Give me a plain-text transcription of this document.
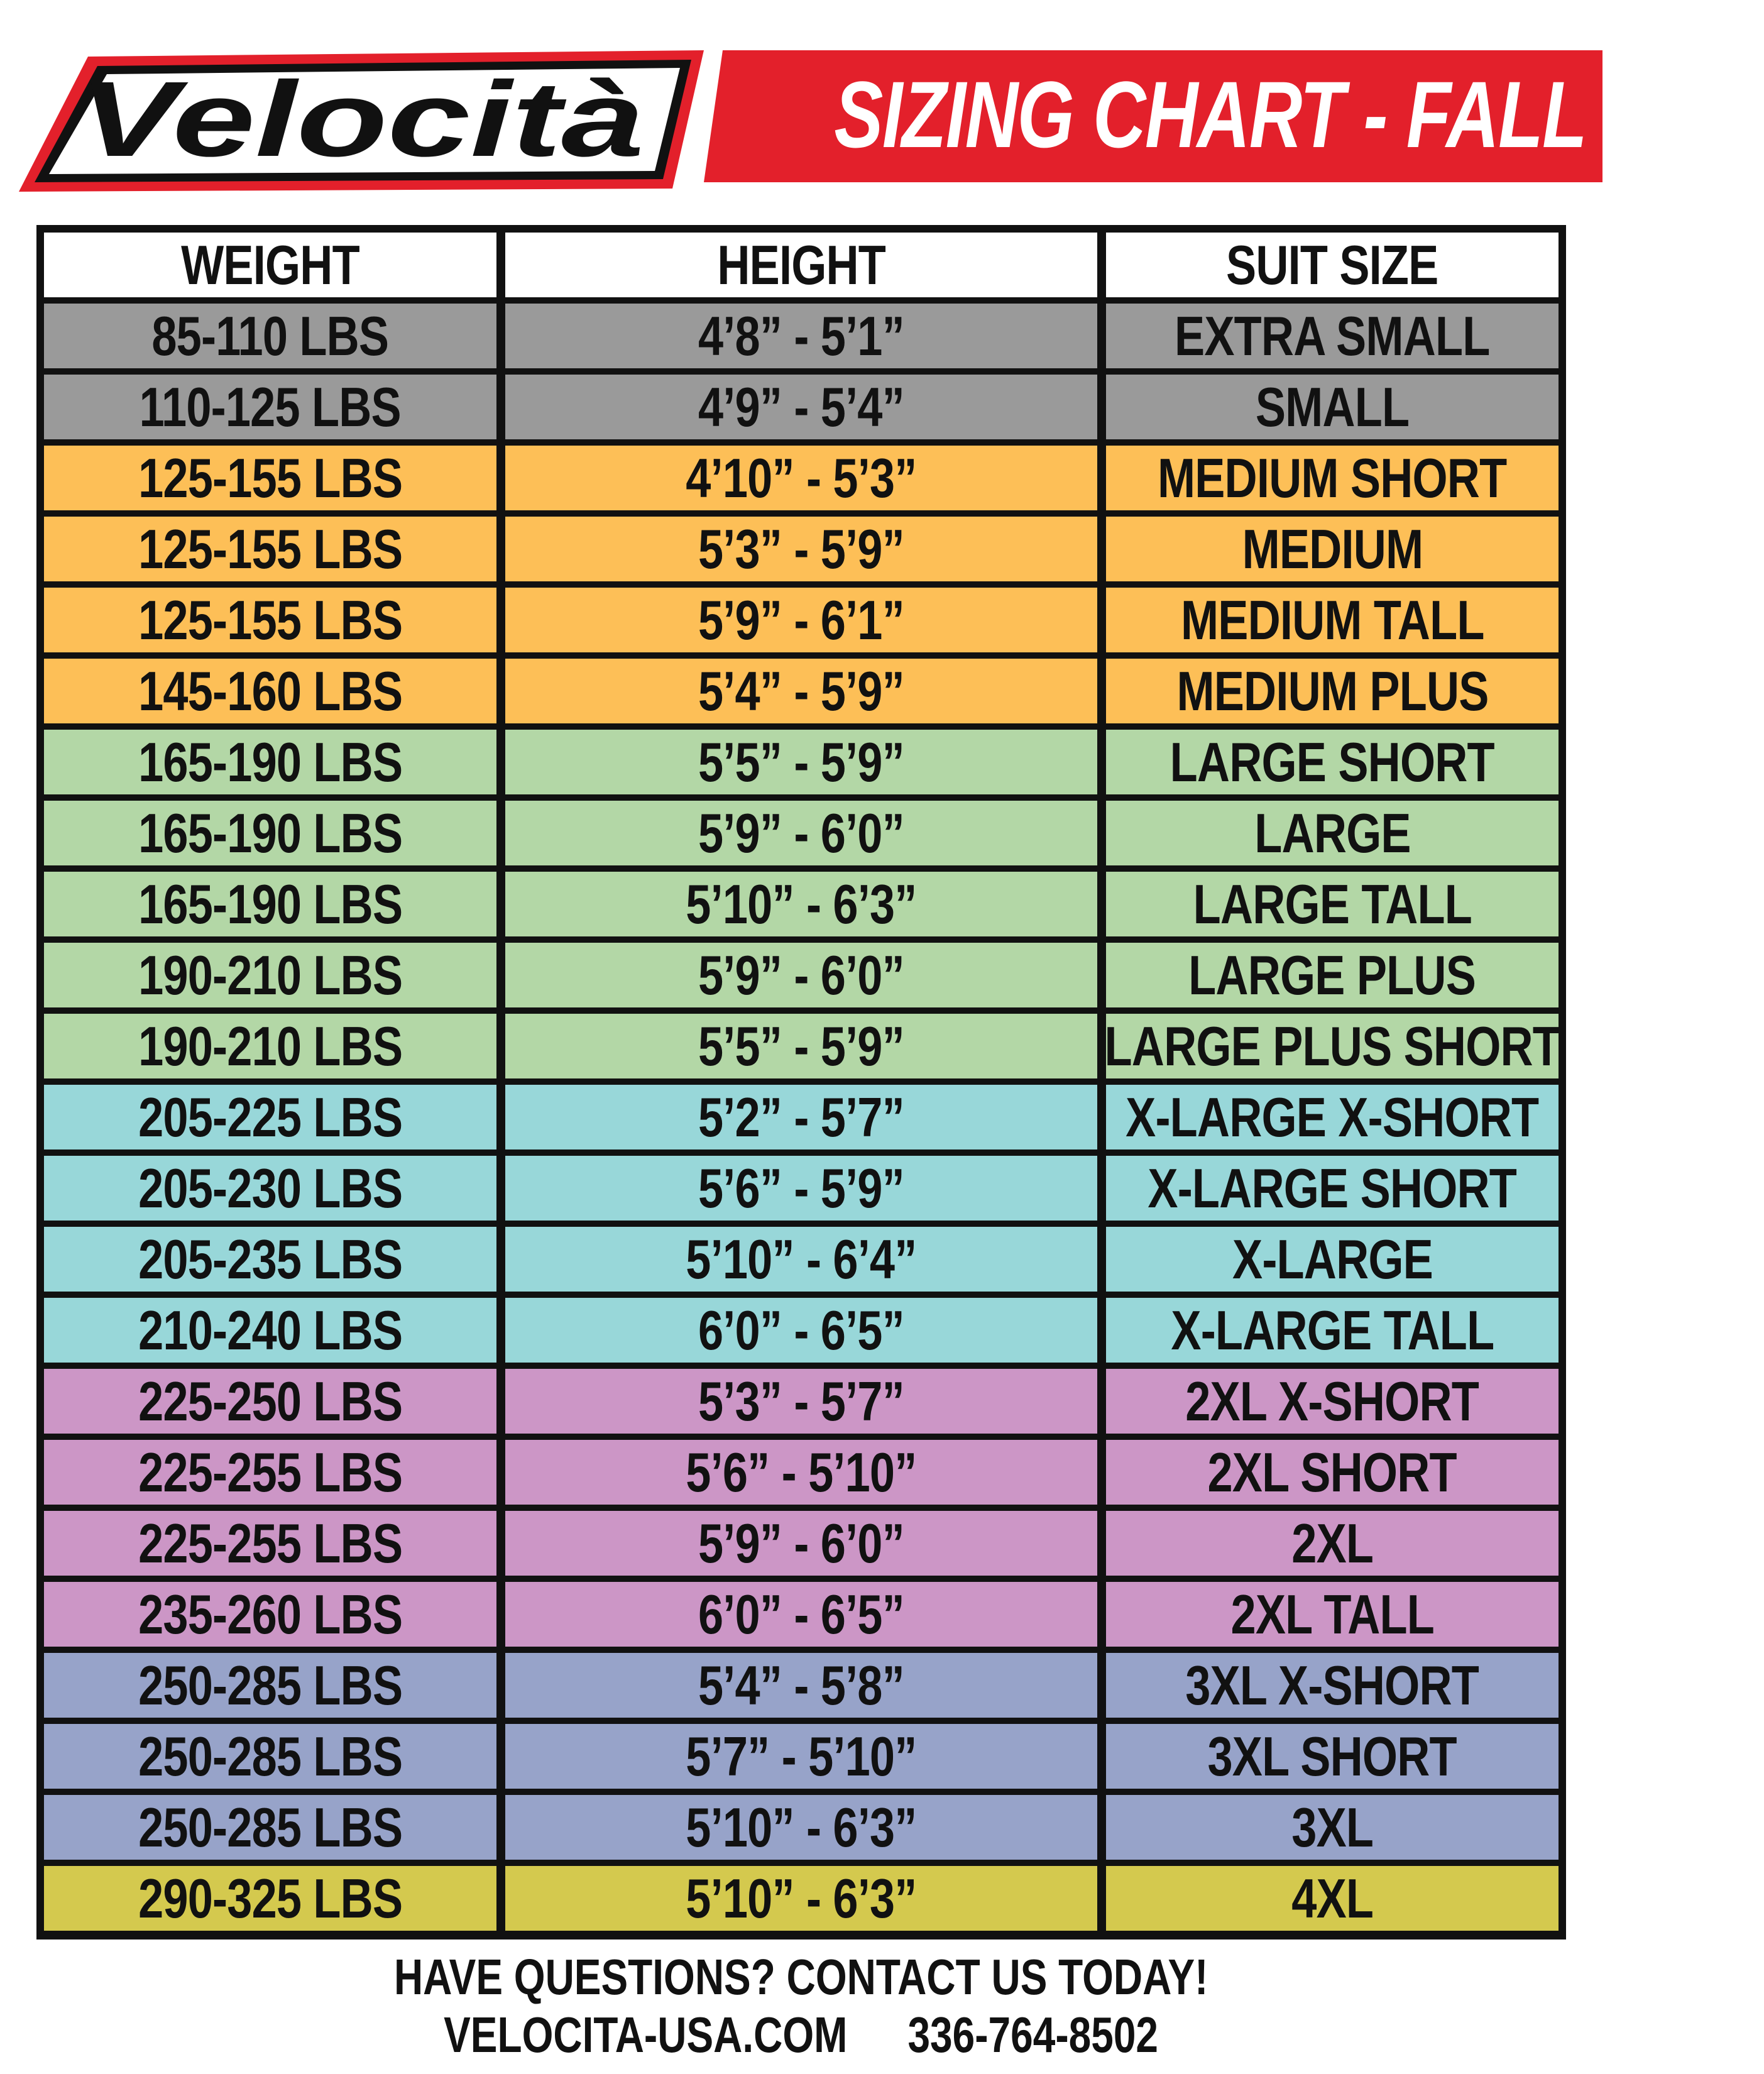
Velocità SIZING CHART - FALL 2025
WEIGHT	HEIGHT	SUIT SIZE
85-110 LBS	4’8” - 5’1”	EXTRA SMALL
110-125 LBS	4’9” - 5’4”	SMALL
125-155 LBS	4’10” - 5’3”	MEDIUM SHORT
125-155 LBS	5’3” - 5’9”	MEDIUM
125-155 LBS	5’9” - 6’1”	MEDIUM TALL
145-160 LBS	5’4” - 5’9”	MEDIUM PLUS
165-190 LBS	5’5” - 5’9”	LARGE SHORT
165-190 LBS	5’9” - 6’0”	LARGE
165-190 LBS	5’10” - 6’3”	LARGE TALL
190-210 LBS	5’9” - 6’0”	LARGE PLUS
190-210 LBS	5’5” - 5’9”	LARGE PLUS SHORT
205-225 LBS	5’2” - 5’7”	X-LARGE X-SHORT
205-230 LBS	5’6” - 5’9”	X-LARGE SHORT
205-235 LBS	5’10” - 6’4”	X-LARGE
210-240 LBS	6’0” - 6’5”	X-LARGE TALL
225-250 LBS	5’3” - 5’7”	2XL X-SHORT
225-255 LBS	5’6” - 5’10”	2XL SHORT
225-255 LBS	5’9” - 6’0”	2XL
235-260 LBS	6’0” - 6’5”	2XL TALL
250-285 LBS	5’4” - 5’8”	3XL X-SHORT
250-285 LBS	5’7” - 5’10”	3XL SHORT
250-285 LBS	5’10” - 6’3”	3XL
290-325 LBS	5’10” - 6’3”	4XL
HAVE QUESTIONS? CONTACT US TODAY!
VELOCITA-USA.COM 336-764-8502
